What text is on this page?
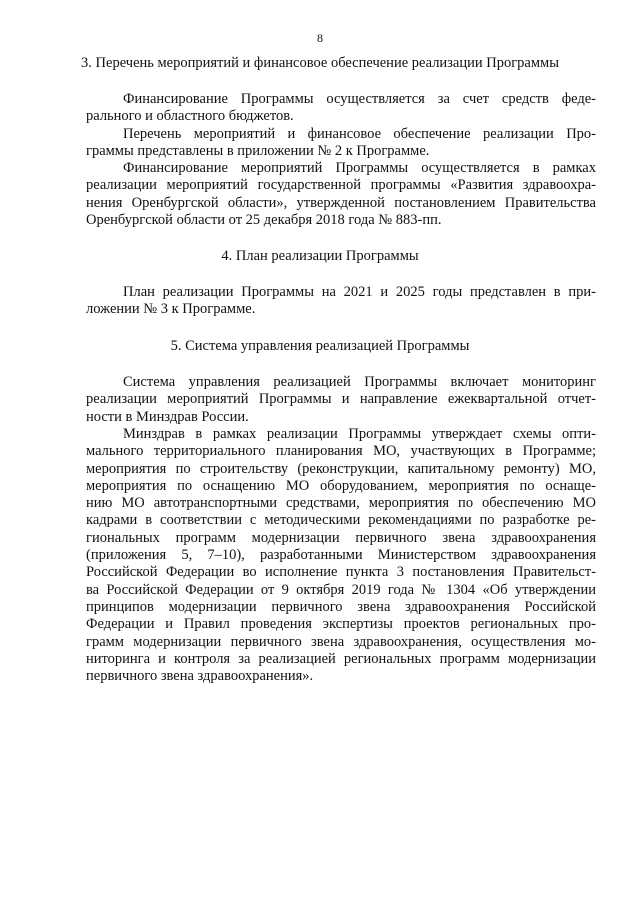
8
3. Перечень мероприятий и финансовое обеспечение реализации Программы
Финансирование Программы осуществляется за счет средств феде-
рального и областного бюджетов.
Перечень мероприятий и финансовое обеспечение реализации Про-
граммы представлены в приложении № 2 к Программе.
Финансирование мероприятий Программы осуществляется в рамках
реализации мероприятий государственной программы «Развития здравоохра-
нения Оренбургской области», утвержденной постановлением Правительства
Оренбургской области от 25 декабря 2018 года № 883-пп.
4. План реализации Программы
План реализации Программы на 2021 и 2025 годы представлен в при-
ложении № 3 к Программе.
5. Система управления реализацией Программы
Система управления реализацией Программы включает мониторинг
реализации мероприятий Программы и направление ежеквартальной отчет-
ности в Минздрав России.
Минздрав в рамках реализации Программы утверждает схемы опти-
мального территориального планирования МО, участвующих в Программе;
мероприятия по строительству (реконструкции, капитальному ремонту) МО,
мероприятия по оснащению МО оборудованием, мероприятия по оснаще-
нию МО автотранспортными средствами, мероприятия по обеспечению МО
кадрами в соответствии с методическими рекомендациями по разработке ре-
гиональных программ модернизации первичного звена здравоохранения
(приложения 5, 7–10), разработанными Министерством здравоохранения
Российской Федерации во исполнение пункта 3 постановления Правительст-
ва Российской Федерации от 9 октября 2019 года № 1304 «Об утверждении
принципов модернизации первичного звена здравоохранения Российской
Федерации и Правил проведения экспертизы проектов региональных про-
грамм модернизации первичного звена здравоохранения, осуществления мо-
ниторинга и контроля за реализацией региональных программ модернизации
первичного звена здравоохранения».
